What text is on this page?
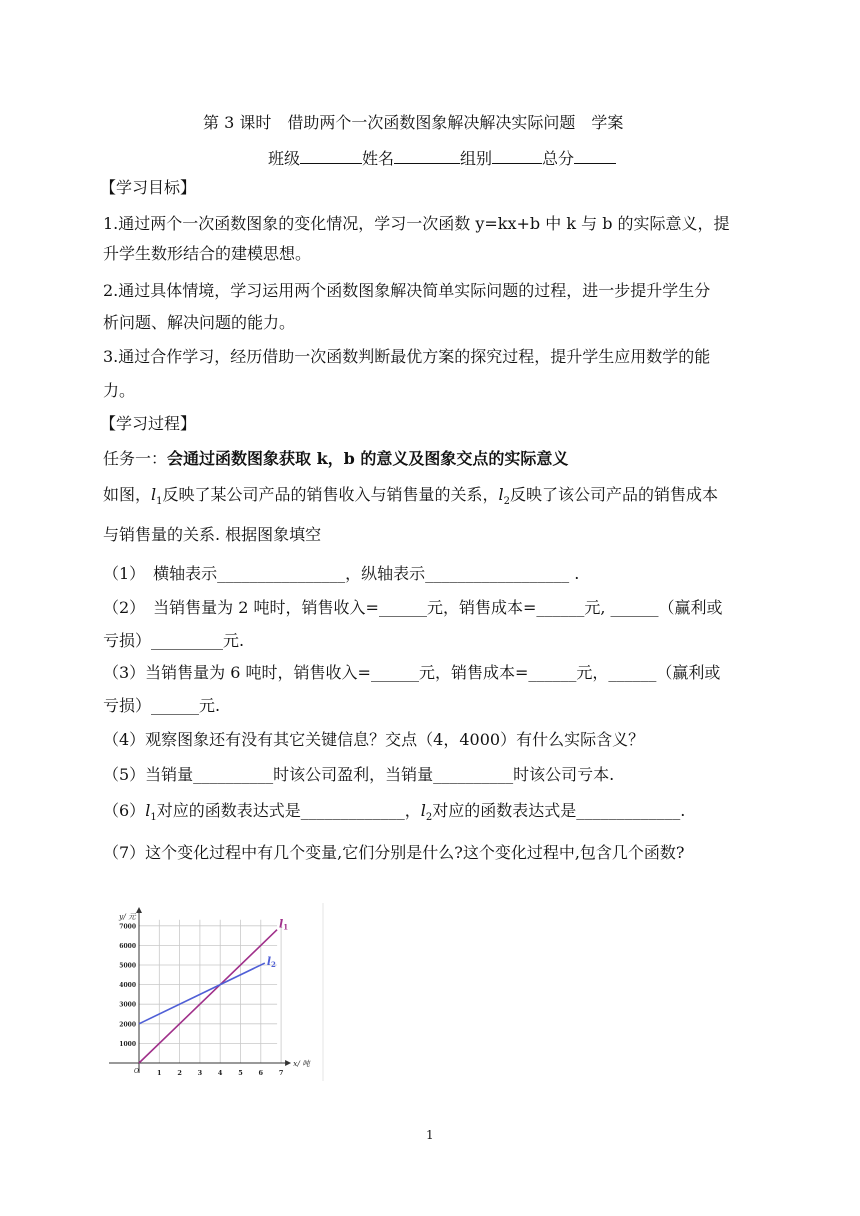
第 3 课时　借助两个一次函数图象解决解决实际问题　学案
班级	姓名	组别	总分
【学习目标】
1.通过两个一次函数图象的变化情况，学习一次函数 y=kx+b 中 k 与 b 的实际意义，提
升学生数形结合的建模思想。
2.通过具体情境，学习运用两个函数图象解决简单实际问题的过程，进一步提升学生分
析问题、解决问题的能力。
3.通过合作学习，经历借助一次函数判断最优方案的探究过程，提升学生应用数学的能
力。
【学习过程】
任务一：会通过函数图象获取 k，b 的意义及图象交点的实际意义
如图，$l_1$反映了某公司产品的销售收入与销售量的关系，$l_2$反映了该公司产品的销售成本
与销售量的关系. 根据图象填空
（1）　横轴表示________________，纵轴表示__________________ .
（2）　当销售量为 2 吨时，销售收入=______元，销售成本=______元, ______（赢利或
亏损）_________元.
（3）当销售量为 6 吨时，销售收入=______元，销售成本=______元，______（赢利或
亏损）______元.
（4）观察图象还有没有其它关键信息？交点（4，4000）有什么实际含义？
（5）当销量__________时该公司盈利，当销量__________时该公司亏本.
$(6)l_1$对应的函数表达式是_____________，$l_2$对应的函数表达式是_____________.
（7）这个变化过程中有几个变量,它们分别是什么?这个变化过程中,包含几个函数?
1 2 3 4 5 6 7
1000
2000
3000
4000
5000
6000
7000
O
y/ 元
x/ 吨
l1
l2
1
